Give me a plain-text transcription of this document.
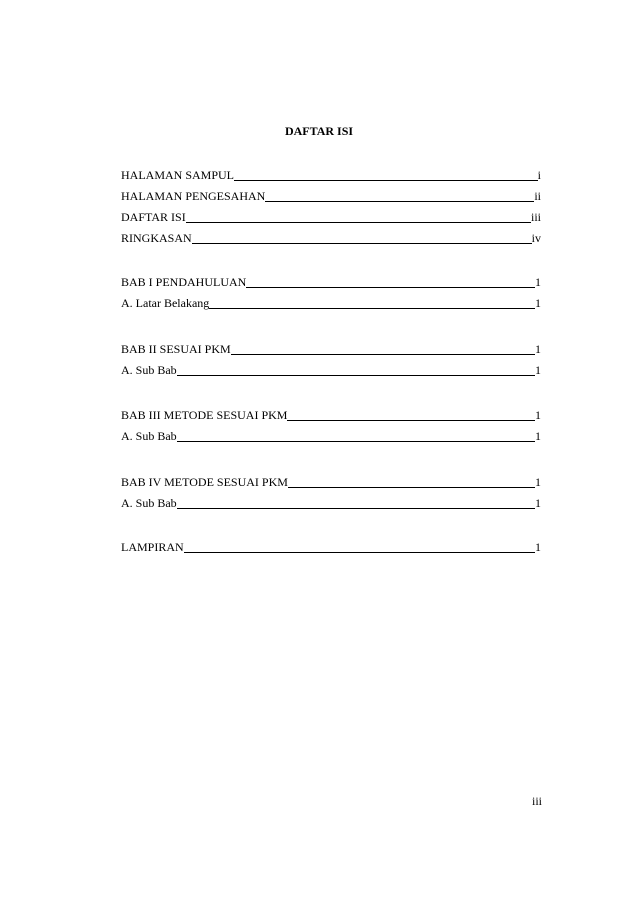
DAFTAR ISI
HALAMAN SAMPUL	i
HALAMAN PENGESAHAN	ii
DAFTAR ISI	iii
RINGKASAN	iv
BAB I PENDAHULUAN	1
A. Latar Belakang	1
BAB II SESUAI PKM	1
A. Sub Bab	1
BAB III METODE SESUAI PKM	1
A. Sub Bab	1
BAB IV METODE SESUAI PKM	1
A. Sub Bab	1
LAMPIRAN	1
iii
